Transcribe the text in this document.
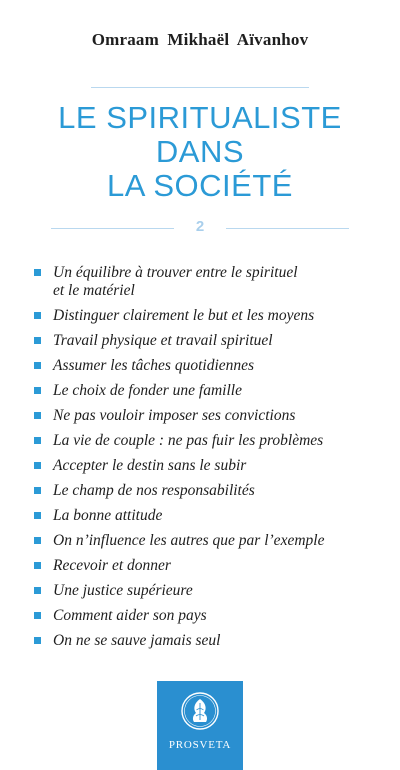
Omraam Mikhaël Aïvanhov
LE SPIRITUALISTE
DANS
LA SOCIÉTÉ
2
Un équilibre à trouver entre le spirituel
et le matériel
Distinguer clairement le but et les moyens
Travail physique et travail spirituel
Assumer les tâches quotidiennes
Le choix de fonder une famille
Ne pas vouloir imposer ses convictions
La vie de couple : ne pas fuir les problèmes
Accepter le destin sans le subir
Le champ de nos responsabilités
La bonne attitude
On n’influence les autres que par l’exemple
Recevoir et donner
Une justice supérieure
Comment aider son pays
On ne se sauve jamais seul
PROSVETA
